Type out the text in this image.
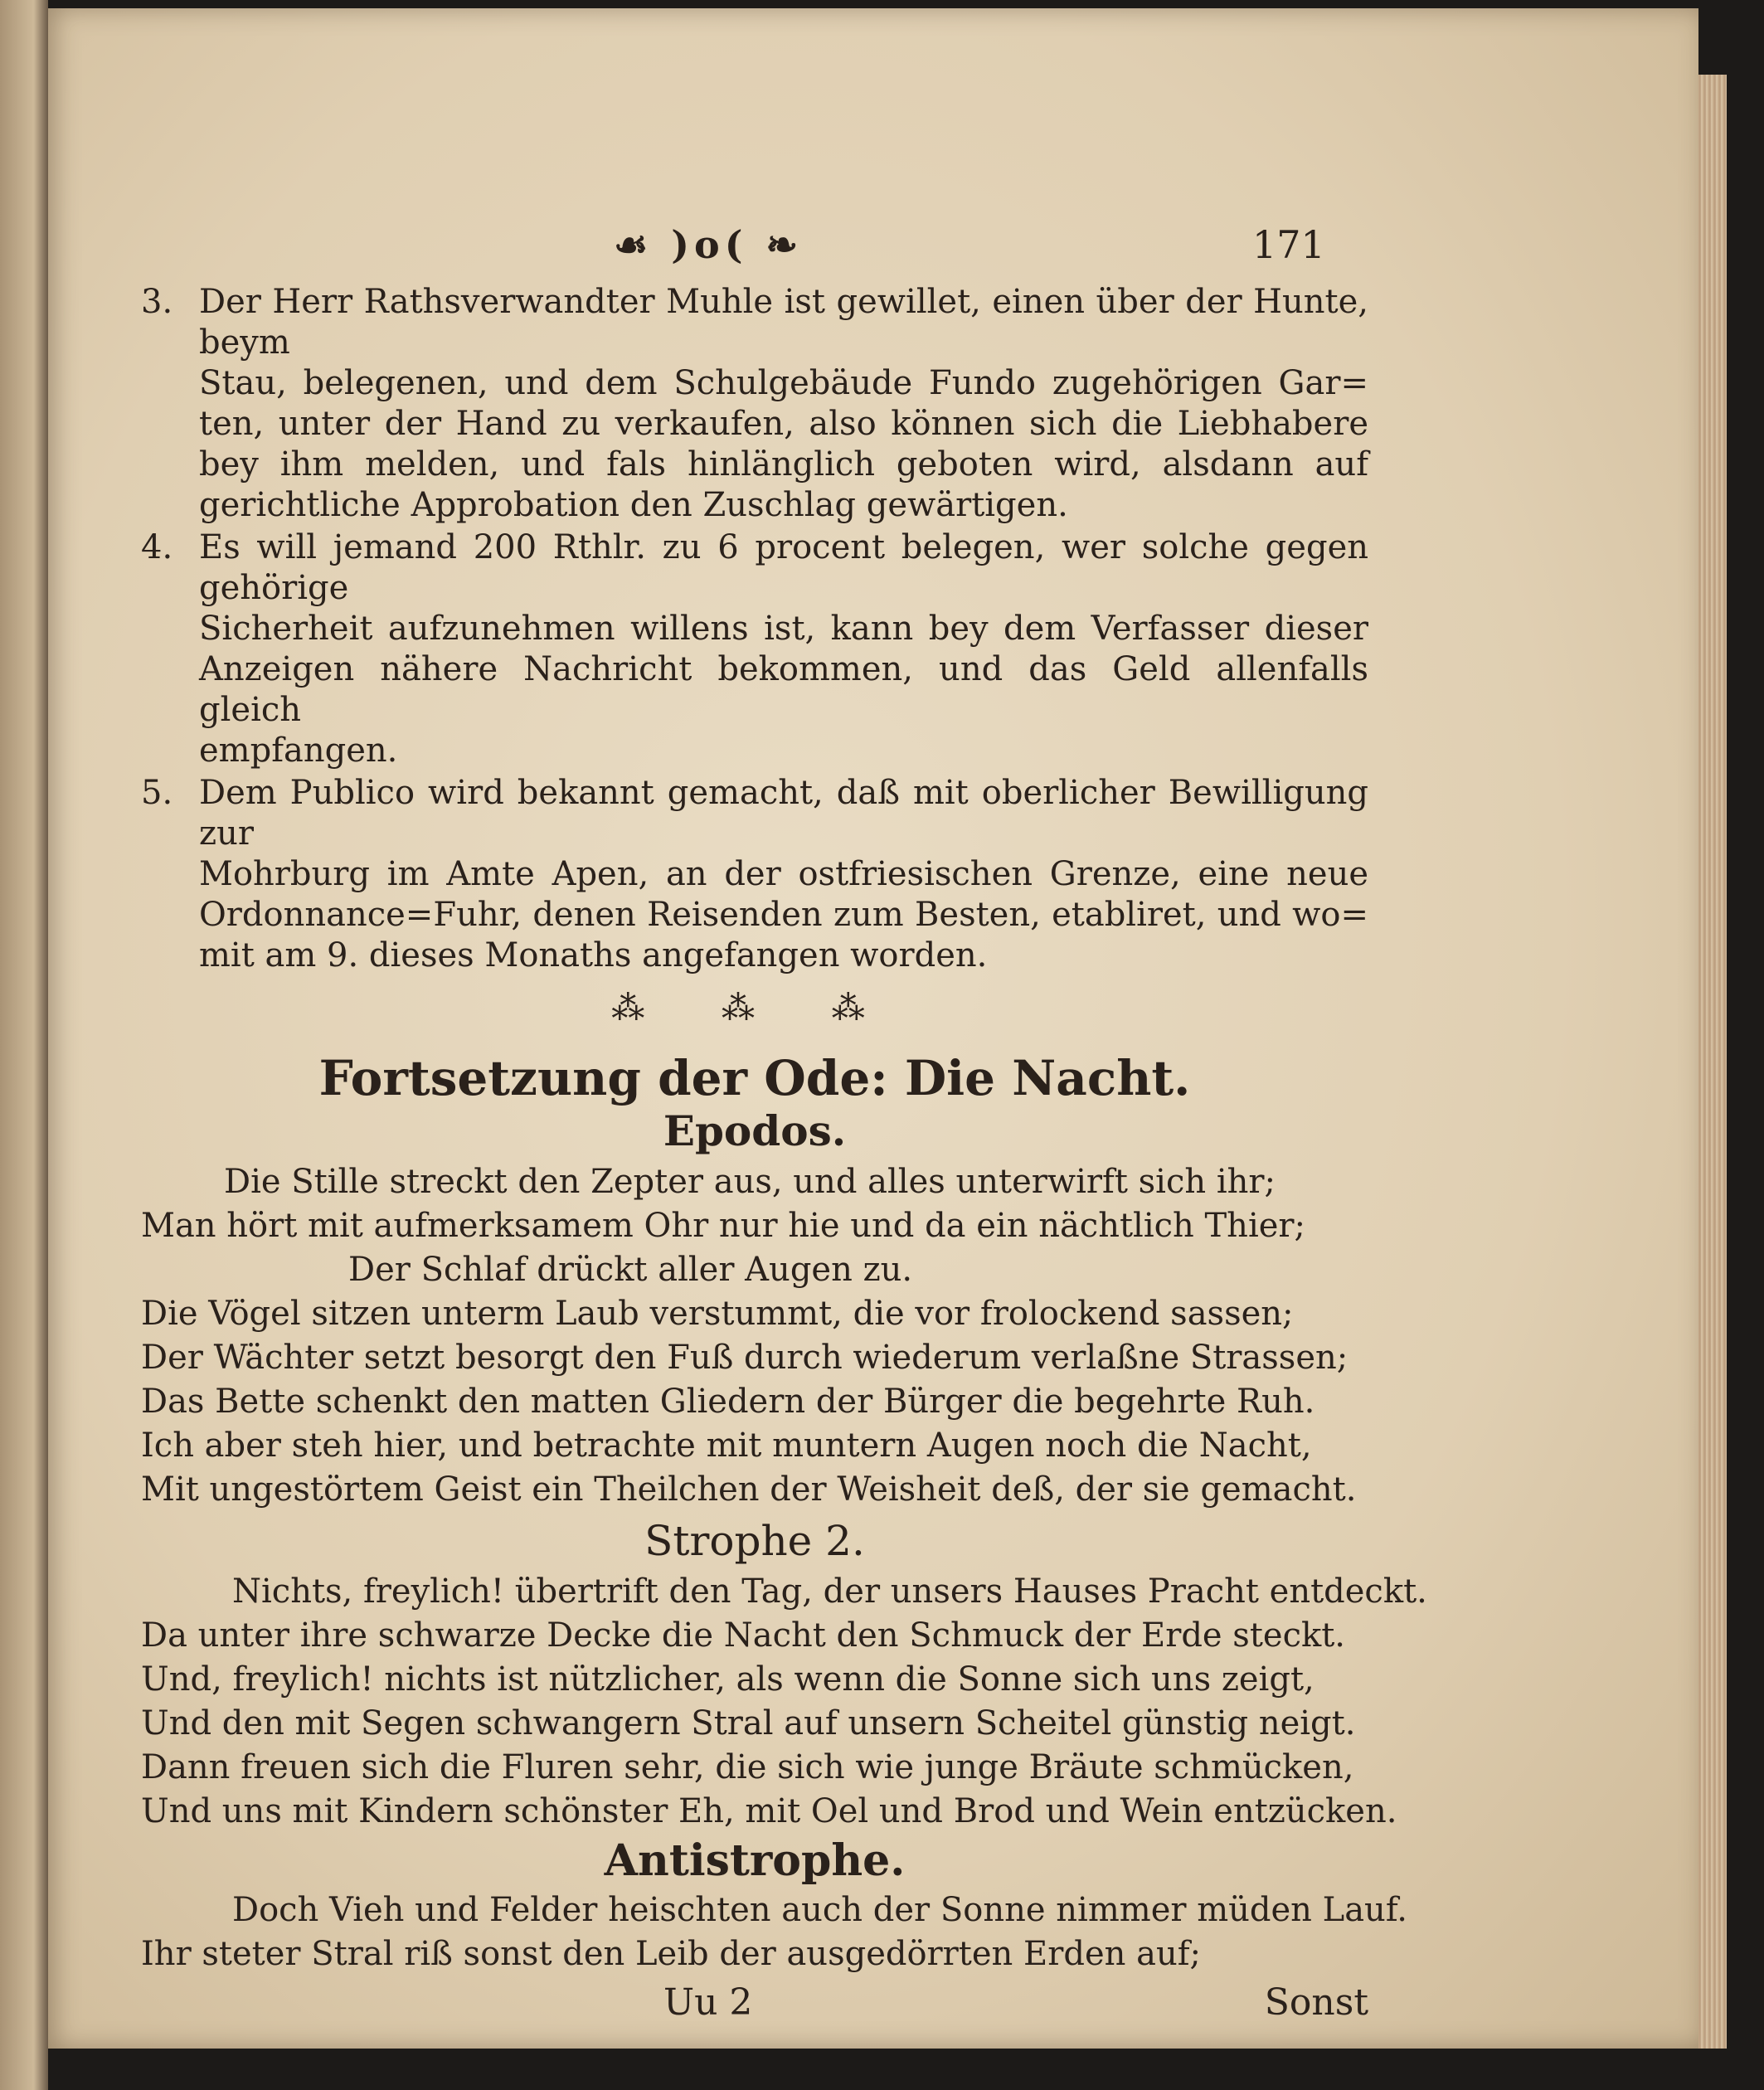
☙ )o( ❧	171
3. Der Herr Rathsverwandter Muhle ist gewillet, einen über der Hunte, beym
Stau, belegenen, und dem Schulgebäude Fundo zugehörigen Gar=
ten, unter der Hand zu verkaufen, also können sich die Liebhabere
bey ihm melden, und fals hinlänglich geboten wird, alsdann auf
gerichtliche Approbation den Zuschlag gewärtigen.
4. Es will jemand 200 Rthlr. zu 6 procent belegen, wer solche gegen gehörige
Sicherheit aufzunehmen willens ist, kann bey dem Verfasser dieser
Anzeigen nähere Nachricht bekommen, und das Geld allenfalls gleich
empfangen.
5. Dem Publico wird bekannt gemacht, daß mit oberlicher Bewilligung zur
Mohrburg im Amte Apen, an der ostfriesischen Grenze, eine neue
Ordonnance=Fuhr, denen Reisenden zum Besten, etabliret, und wo=
mit am 9. dieses Monaths angefangen worden.
⁂ ⁂ ⁂
Fortsetzung der Ode: Die Nacht.
Epodos.
Die Stille streckt den Zepter aus, und alles unterwirft sich ihr;
Man hört mit aufmerksamem Ohr nur hie und da ein nächtlich Thier;
Der Schlaf drückt aller Augen zu.
Die Vögel sitzen unterm Laub verstummt, die vor frolockend sassen;
Der Wächter setzt besorgt den Fuß durch wiederum verlaßne Strassen;
Das Bette schenkt den matten Gliedern der Bürger die begehrte Ruh.
Ich aber steh hier, und betrachte mit muntern Augen noch die Nacht,
Mit ungestörtem Geist ein Theilchen der Weisheit deß, der sie gemacht.
Strophe 2.
Nichts, freylich! übertrift den Tag, der unsers Hauses Pracht entdeckt.
Da unter ihre schwarze Decke die Nacht den Schmuck der Erde steckt.
Und, freylich! nichts ist nützlicher, als wenn die Sonne sich uns zeigt,
Und den mit Segen schwangern Stral auf unsern Scheitel günstig neigt.
Dann freuen sich die Fluren sehr, die sich wie junge Bräute schmücken,
Und uns mit Kindern schönster Eh, mit Oel und Brod und Wein entzücken.
Antistrophe.
Doch Vieh und Felder heischten auch der Sonne nimmer müden Lauf.
Ihr steter Stral riß sonst den Leib der ausgedörrten Erden auf;
Uu 2	Sonst
